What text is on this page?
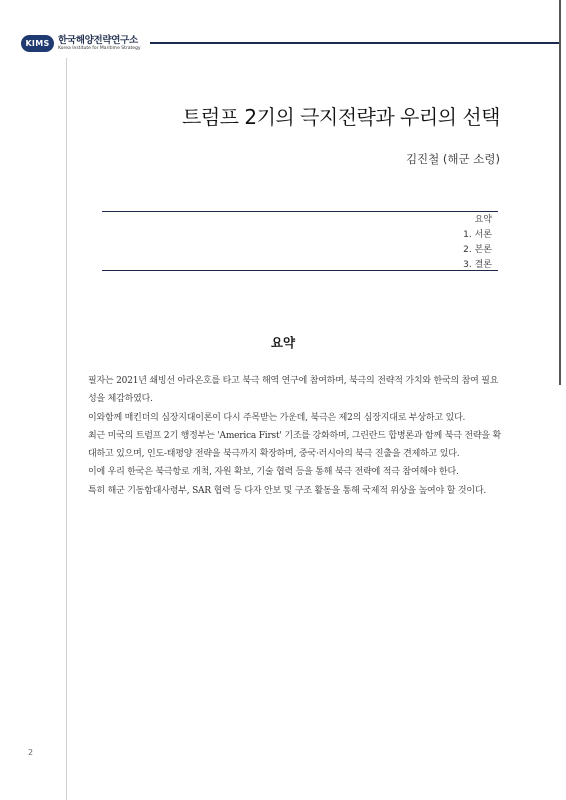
KIMS 한국해양전략연구소
Korea Institute for Maritime Strategy
트럼프 2기의 극지전략과 우리의 선택
김진철 (해군 소령)
요약
1. 서론
2. 본론
3. 결론
요약

필자는 2021년 쇄빙선 아라온호를 타고 북극 해역 연구에 참여하며, 북극의 전략적 가치와 한국의 참여 필요성을 체감하였다.

이와함께 매킨더의 심장지대이론이 다시 주목받는 가운데, 북극은 제2의 심장지대로 부상하고 있다.

최근 미국의 트럼프 2기 행정부는 'America First' 기조를 강화하며, 그린란드 합병론과 함께 북극 전략을 확대하고 있으며, 인도-태평양 전략을 북극까지 확장하며, 중국·러시아의 북극 진출을 견제하고 있다.

이에 우리 한국은 북극항로 개척, 자원 확보, 기술 협력 등을 통해 북극 전략에 적극 참여해야 한다.

특히 해군 기동함대사령부, SAR 협력 등 다자 안보 및 구조 활동을 통해 국제적 위상을 높여야 할 것이다.

2
